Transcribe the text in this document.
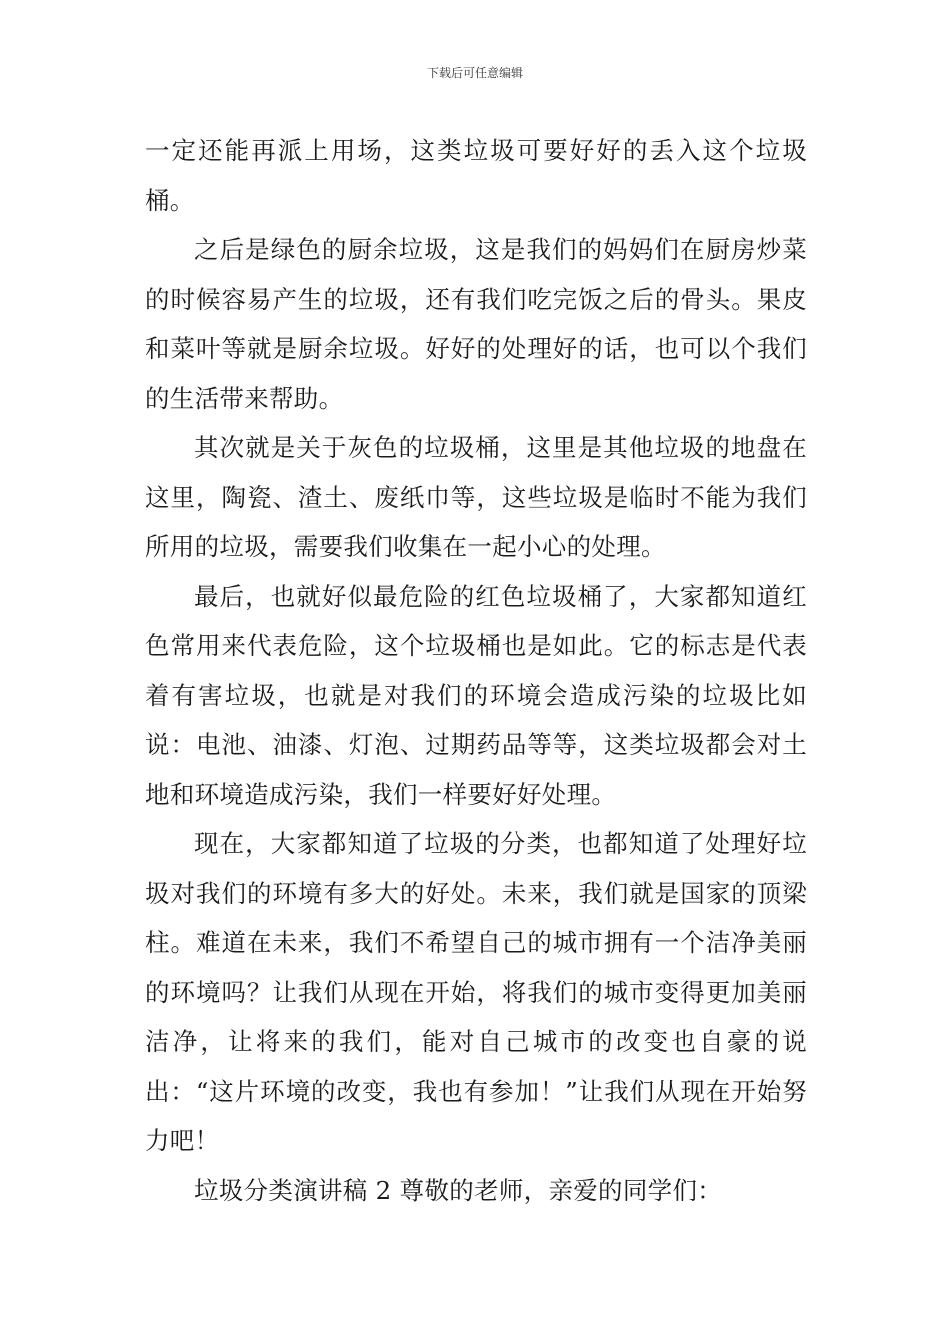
下载后可任意编辑

一定还能再派上用场，这类垃圾可要好好的丢入这个垃圾桶。

之后是绿色的厨余垃圾，这是我们的妈妈们在厨房炒菜的时候容易产生的垃圾，还有我们吃完饭之后的骨头。果皮和菜叶等就是厨余垃圾。好好的处理好的话，也可以个我们的生活带来帮助。

其次就是关于灰色的垃圾桶，这里是其他垃圾的地盘在这里，陶瓷、渣土、废纸巾等，这些垃圾是临时不能为我们所用的垃圾，需要我们收集在一起小心的处理。

最后，也就好似最危险的红色垃圾桶了，大家都知道红色常用来代表危险，这个垃圾桶也是如此。它的标志是代表着有害垃圾，也就是对我们的环境会造成污染的垃圾比如说：电池、油漆、灯泡、过期药品等等，这类垃圾都会对土地和环境造成污染，我们一样要好好处理。

现在，大家都知道了垃圾的分类，也都知道了处理好垃圾对我们的环境有多大的好处。未来，我们就是国家的顶梁柱。难道在未来，我们不希望自己的城市拥有一个洁净美丽的环境吗？让我们从现在开始，将我们的城市变得更加美丽洁净，让将来的我们，能对自己城市的改变也自豪的说出：“这片环境的改变，我也有参加！”让我们从现在开始努力吧！

垃圾分类演讲稿 2 尊敬的老师，亲爱的同学们：
